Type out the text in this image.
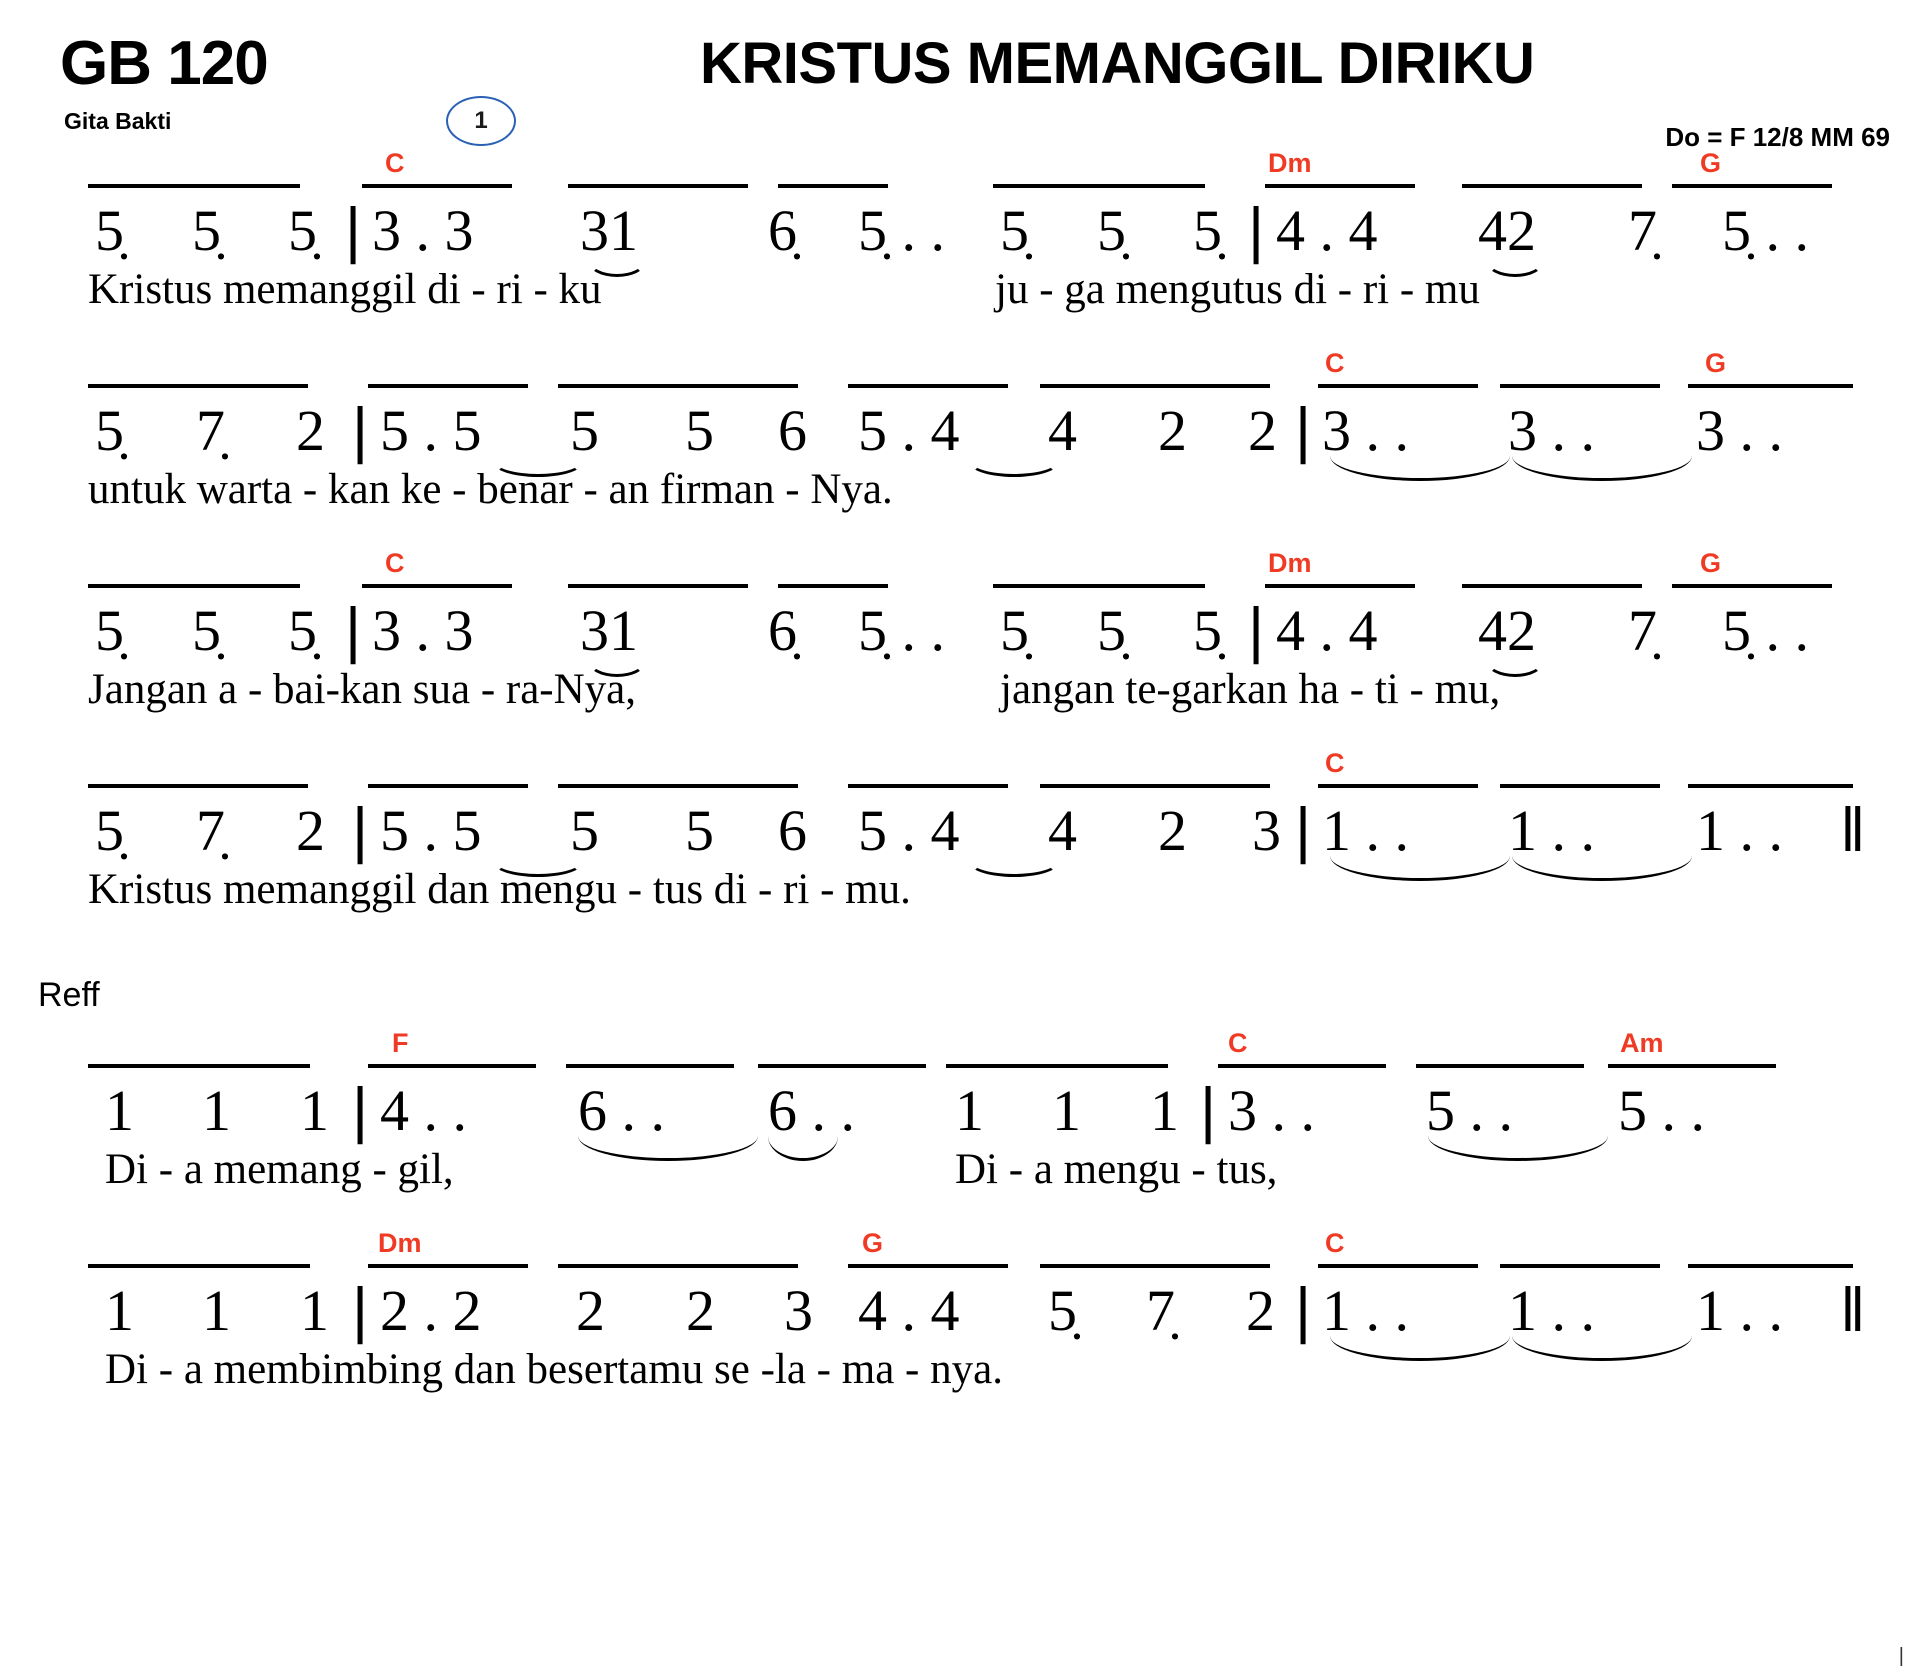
GB 120
Gita Bakti	1
KRISTUS MEMANGGIL DIRIKU
Do = F 12/8 MM 69
C	Dm	G
5̣ 5̣ 5̣ | 3 . 3 31 6̣ 5̣ . . 5̣ 5̣ 5̣ | 4 . 4 42 7̣ 5̣ . .
Kristus memanggil di - ri - ku	ju - ga mengutus di - ri - mu
C	G
5̣ 7̣ 2 | 5 . 5 5 5 6 5 . 4 4 2 2 | 3 . . 3 . . 3 . .
untuk warta - kan ke - benar - an firman - Nya.
C	Dm	G
5̣ 5̣ 5̣ | 3 . 3 31 6̣ 5̣ . . 5̣ 5̣ 5̣ | 4 . 4 42 7̣ 5̣ . .
Jangan a - bai-kan sua - ra-Nya,	jangan te-garkan ha - ti - mu,
C
5̣ 7̣ 2 | 5 . 5 5 5 6 5 . 4 4 2 3 | 1 . . 1 . . 1 . . ‖
Kristus memanggil dan mengu - tus di - ri - mu.
Reff
F	C	Am
1 1 1 | 4 . . 6 . . 6 . . 1 1 1 | 3 . . 5 . . 5 . .
Di - a memang - gil,	Di - a mengu - tus,
Dm	G	C
1 1 1 | 2 . 2 2 2 3 4 . 4 5̣ 7̣ 2 | 1 . . 1 . . 1 . . ‖
Di - a membimbing dan besertamu se -la - ma - nya.
|
